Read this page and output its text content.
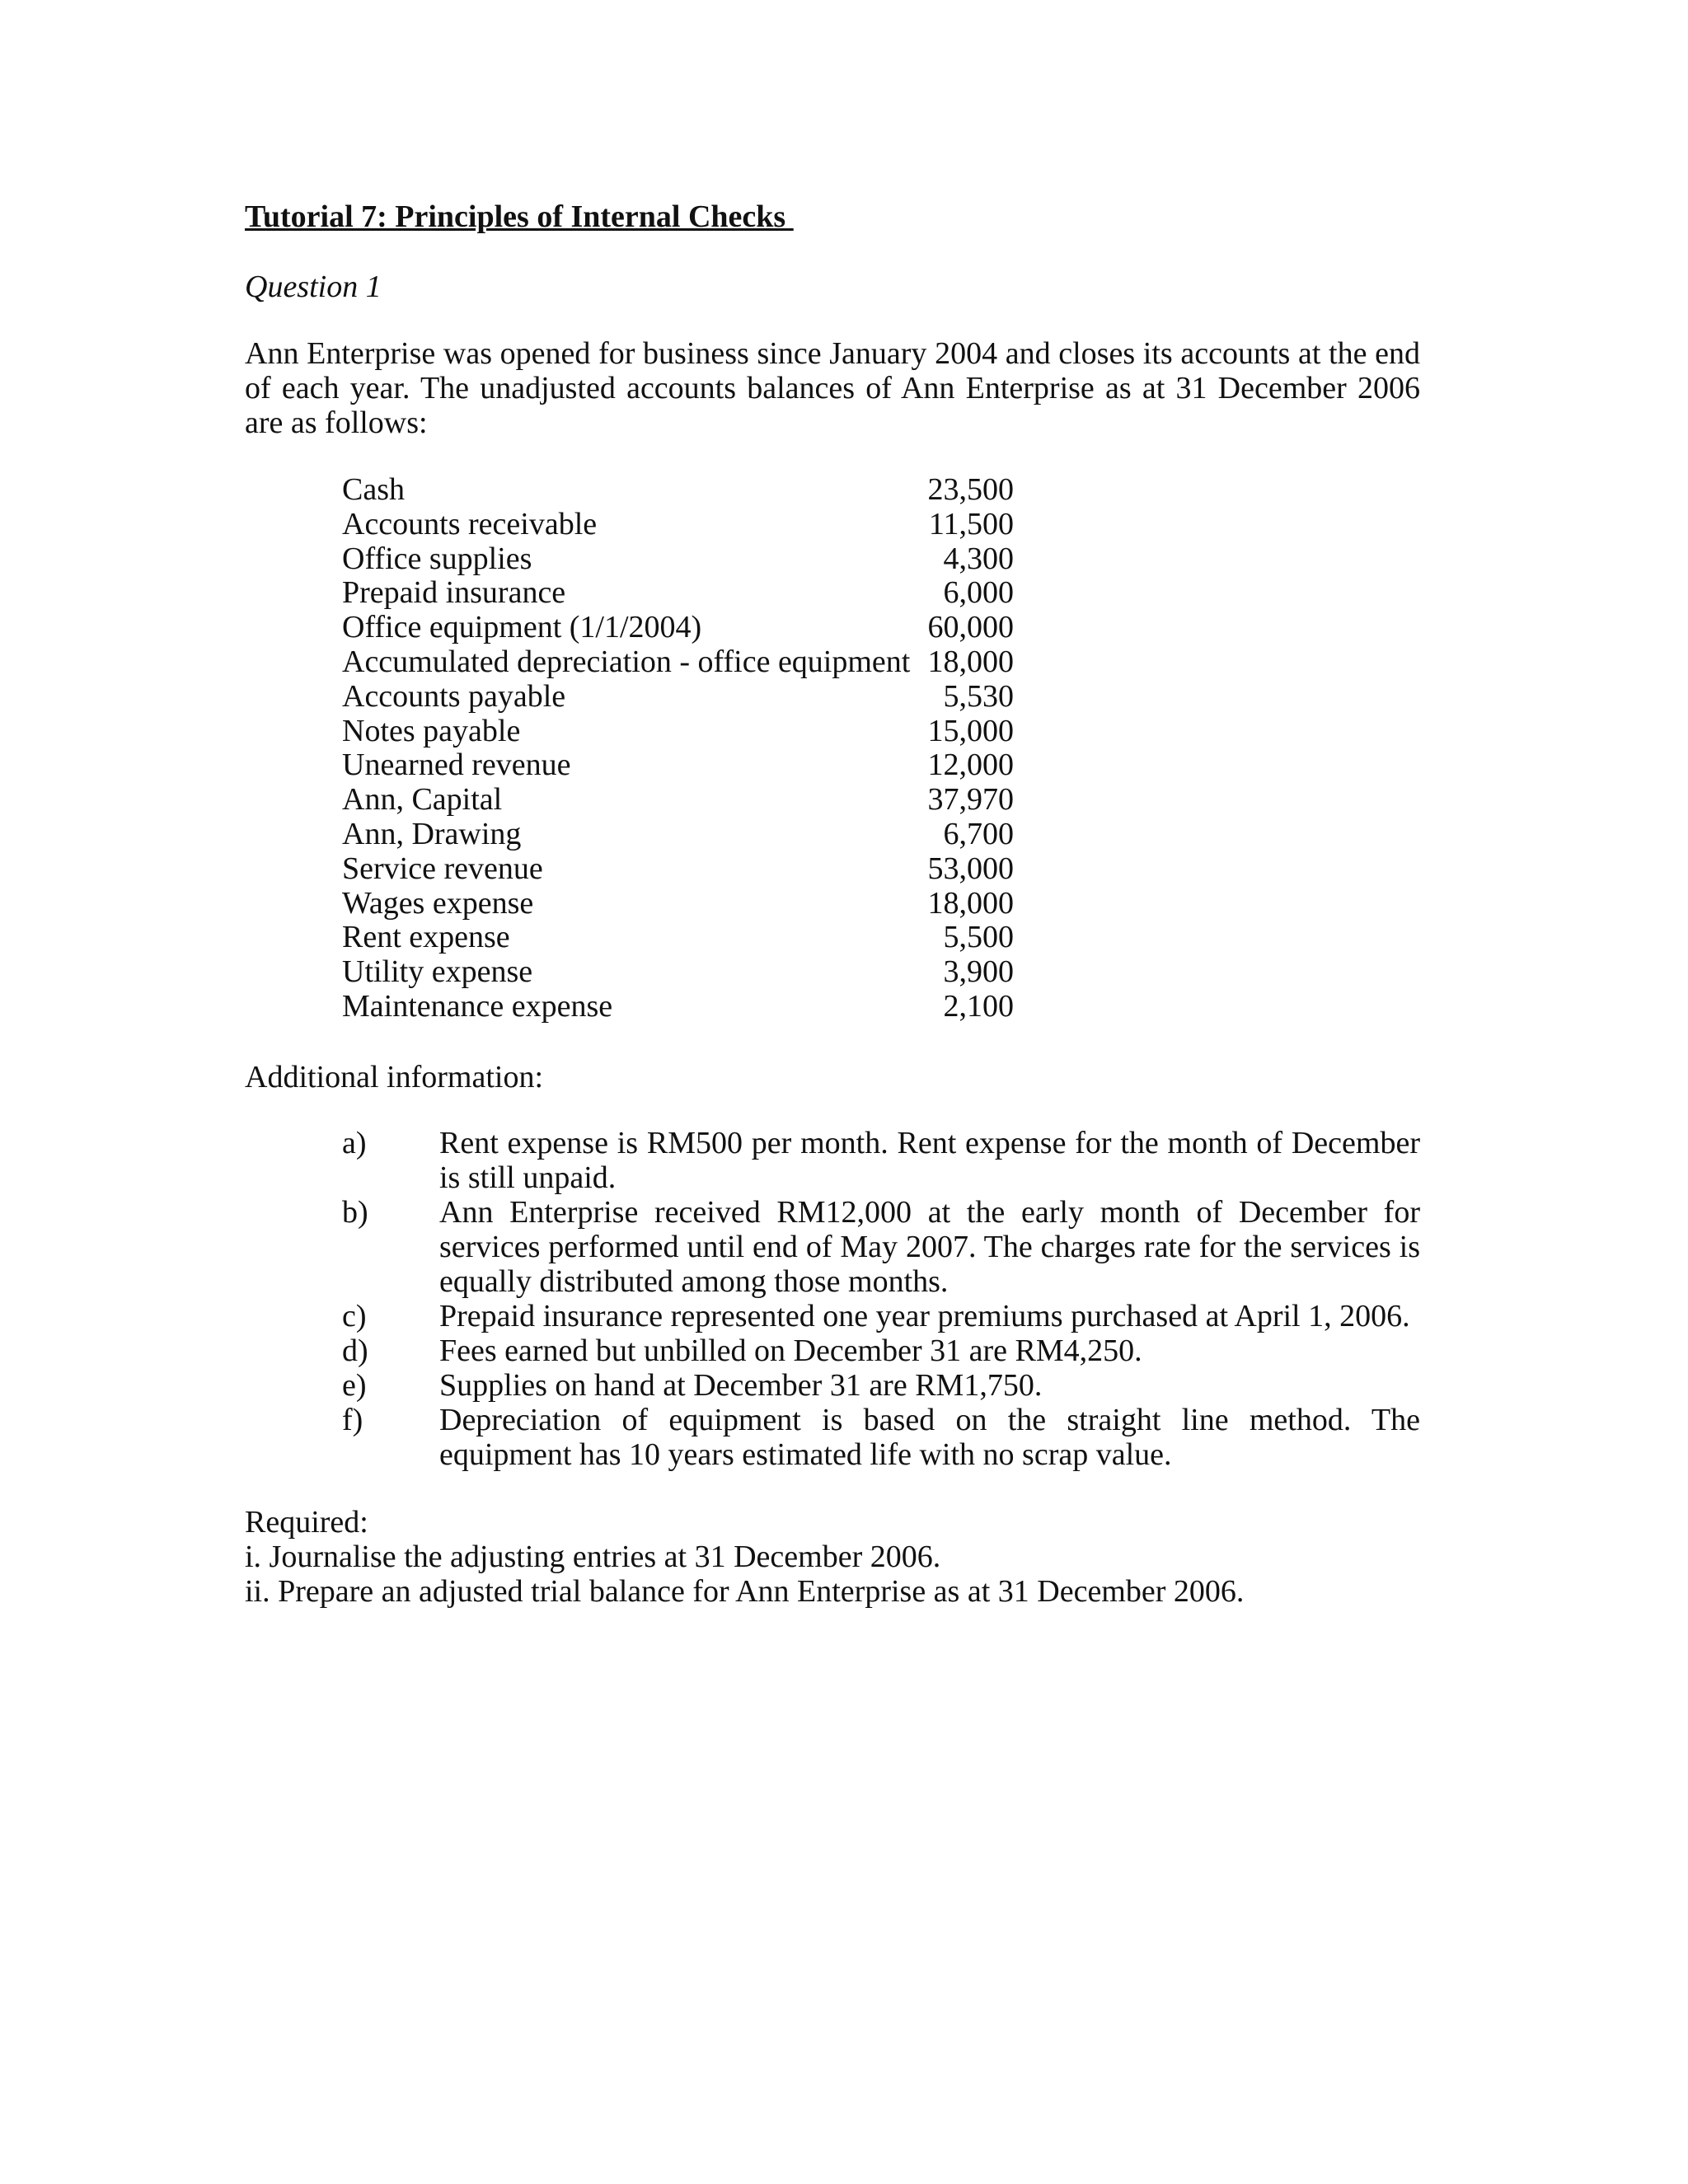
Tutorial 7: Principles of Internal Checks
Question 1
Ann Enterprise was opened for business since January 2004 and closes its accounts at the end of each year. The unadjusted accounts balances of Ann Enterprise as at 31 December 2006 are as follows:
Cash	23,500
Accounts receivable	11,500
Office supplies	4,300
Prepaid insurance	6,000
Office equipment (1/1/2004)	60,000
Accumulated depreciation - office equipment 18,000
Accounts payable	5,530
Notes payable	15,000
Unearned revenue	12,000
Ann, Capital	37,970
Ann, Drawing	6,700
Service revenue	53,000
Wages expense	18,000
Rent expense	5,500
Utility expense	3,900
Maintenance expense	2,100
Additional information:
a)	Rent expense is RM500 per month. Rent expense for the month of December is still unpaid.
b)	Ann Enterprise received RM12,000 at the early month of December for services performed until end of May 2007. The charges rate for the services is equally distributed among those months.
c)	Prepaid insurance represented one year premiums purchased at April 1, 2006.
d)	Fees earned but unbilled on December 31 are RM4,250.
e)	Supplies on hand at December 31 are RM1,750.
f)	Depreciation of equipment is based on the straight line method. The equipment has 10 years estimated life with no scrap value.
Required:
i. Journalise the adjusting entries at 31 December 2006.
ii. Prepare an adjusted trial balance for Ann Enterprise as at 31 December 2006.
